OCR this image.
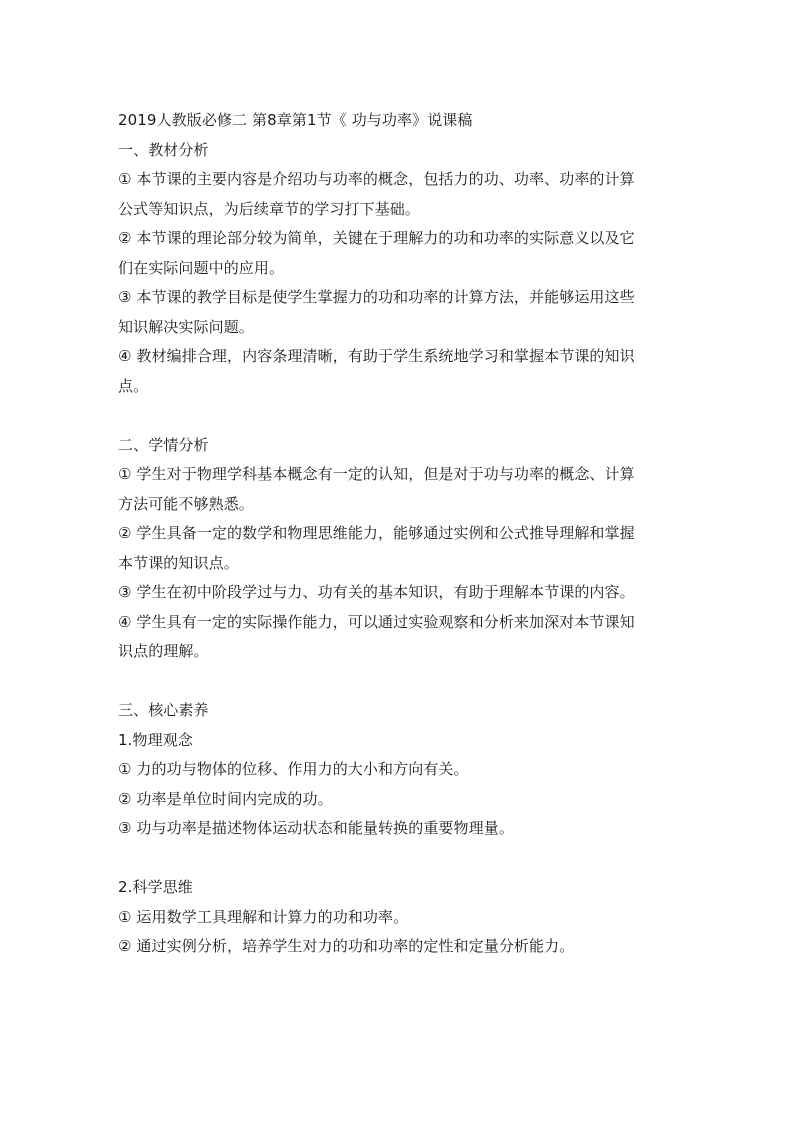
2019人教版必修二 第8章第1节《 功与功率》说课稿
一、教材分析
① 本节课的主要内容是介绍功与功率的概念，包括力的功、功率、功率的计算
公式等知识点，为后续章节的学习打下基础。
② 本节课的理论部分较为简单，关键在于理解力的功和功率的实际意义以及它
们在实际问题中的应用。
③ 本节课的教学目标是使学生掌握力的功和功率的计算方法，并能够运用这些
知识解决实际问题。
④ 教材编排合理，内容条理清晰，有助于学生系统地学习和掌握本节课的知识
点。
二、学情分析
① 学生对于物理学科基本概念有一定的认知，但是对于功与功率的概念、计算
方法可能不够熟悉。
② 学生具备一定的数学和物理思维能力，能够通过实例和公式推导理解和掌握
本节课的知识点。
③ 学生在初中阶段学过与力、功有关的基本知识，有助于理解本节课的内容。
④ 学生具有一定的实际操作能力，可以通过实验观察和分析来加深对本节课知
识点的理解。
三、核心素养
1.物理观念
① 力的功与物体的位移、作用力的大小和方向有关。
② 功率是单位时间内完成的功。
③ 功与功率是描述物体运动状态和能量转换的重要物理量。
2.科学思维
① 运用数学工具理解和计算力的功和功率。
② 通过实例分析，培养学生对力的功和功率的定性和定量分析能力。
